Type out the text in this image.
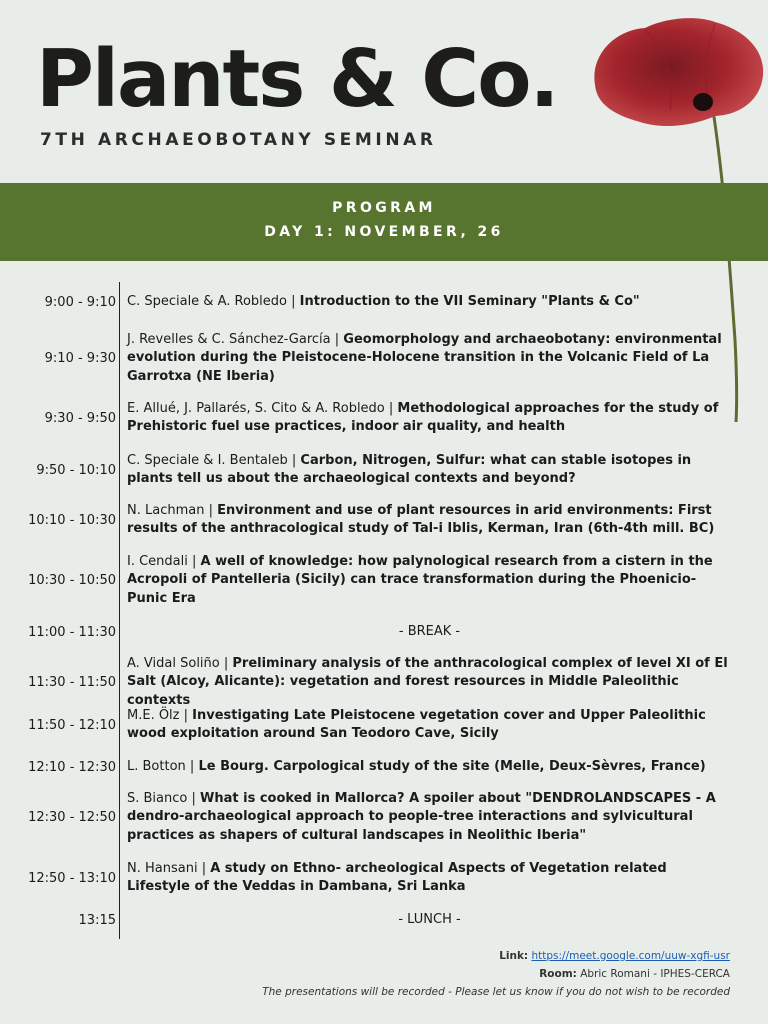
Plants & Co.
7TH ARCHAEOBOTANY SEMINAR
PROGRAM
DAY 1: NOVEMBER, 26
9:00 - 9:10 C. Speciale & A. Robledo | Introduction to the VII Seminary "Plants & Co"
9:10 - 9:30
J. Revelles & C. Sánchez-García | Geomorphology and archaeobotany: environmental evolution during the Pleistocene-Holocene transition in the Volcanic Field of La Garrotxa (NE Iberia)
9:30 - 9:50
E. Allué, J. Pallarés, S. Cito & A. Robledo | Methodological approaches for the study of Prehistoric fuel use practices, indoor air quality, and health
9:50 - 10:10
C. Speciale & I. Bentaleb | Carbon, Nitrogen, Sulfur: what can stable isotopes in plants tell us about the archaeological contexts and beyond?
10:10 - 10:30
N. Lachman | Environment and use of plant resources in arid environments: First results of the anthracological study of Tal-i Iblis, Kerman, Iran (6th-4th mill. BC)
10:30 - 10:50
I. Cendali | A well of knowledge: how palynological research from a cistern in the Acropoli of Pantelleria (Sicily) can trace transformation during the Phoenicio-Punic Era
11:00 - 11:30	- BREAK -
11:30 - 11:50
A. Vidal Soliño | Preliminary analysis of the anthracological complex of level XI of El Salt (Alcoy, Alicante): vegetation and forest resources in Middle Paleolithic contexts
11:50 - 12:10
M.E. Ölz | Investigating Late Pleistocene vegetation cover and Upper Paleolithic wood exploitation around San Teodoro Cave, Sicily
12:10 - 12:30 L. Botton | Le Bourg. Carpological study of the site (Melle, Deux-Sèvres, France)
12:30 - 12:50
S. Bianco | What is cooked in Mallorca? A spoiler about "DENDROLANDSCAPES - A dendro-archaeological approach to people-tree interactions and sylvicultural practices as shapers of cultural landscapes in Neolithic Iberia"
12:50 - 13:10
N. Hansani | A study on Ethno- archeological Aspects of Vegetation related Lifestyle of the Veddas in Dambana, Sri Lanka
13:15	- LUNCH -
Link: https://meet.google.com/uuw-xgfi-usr
Room: Abric Romani - IPHES-CERCA
The presentations will be recorded - Please let us know if you do not wish to be recorded
